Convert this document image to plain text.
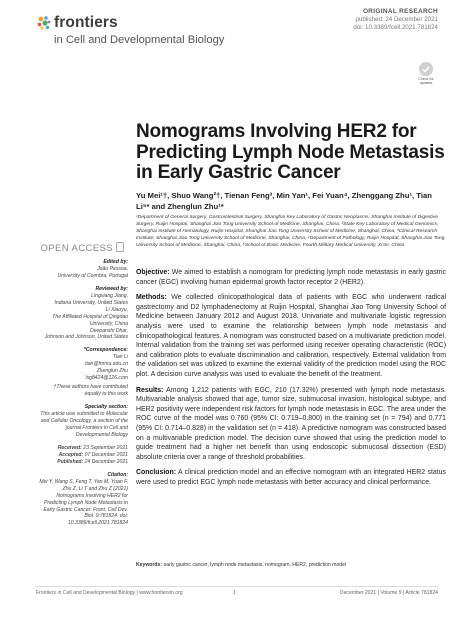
frontiers
in Cell and Developmental Biology
ORIGINAL RESEARCH
published: 24 December 2021
doi: 10.3389/fcell.2021.781824
Check for updates
Nomograms Involving HER2 for Predicting Lymph Node Metastasis in Early Gastric Cancer
Yu Mei¹†, Shuo Wang²†, Tienan Feng³, Min Yan¹, Fei Yuan⁴, Zhenggang Zhu¹, Tian Li⁵* and Zhenglun Zhu¹*
¹Department of General Surgery, Gastrointestinal Surgery, Shanghai Key Laboratory of Gastric Neoplasms, Shanghai Institute of Digestive Surgery, Ruijin Hospital, Shanghai Jiao Tong University School of Medicine, Shanghai, China, ²State Key Laboratory of Medical Genomics, Shanghai Institute of Hematology, Ruijin Hospital, Shanghai Jiao Tong University School of Medicine, Shanghai, China, ³Clinical Research Institute, Shanghai Jiao Tong University School of Medicine, Shanghai, China, ⁴Department of Pathology, Ruijin Hospital, Shanghai Jiao Tong University School of Medicine, Shanghai, China, ⁵School of Basic Medicine, Fourth Military Medical University, Xi'an, China
OPEN ACCESS
Edited by:
João Pessoa,
University of Coimbra, Portugal
Reviewed by:
Lingxiang Jiang,
Indiana University, United States
Li Xiaoyu,
The Affiliated Hospital of Qingdao
University, China
Deepanshi Dhar,
Johnson and Johnson, United States
*Correspondence:
Tian Li
tian@fmmu.edu.cn
Zhenglun Zhu
lsg8424@126.com
†These authors have contributed equally to this work
Specialty section:
This article was submitted to Molecular and Cellular Oncology, a section of the journal Frontiers in Cell and Developmental Biology
Received: 23 September 2021
Accepted: 07 December 2021
Published: 24 December 2021
Citation:
Mei Y, Wang S, Feng T, Yan M, Yuan F, Zhu Z, Li T and Zhu Z (2021) Nomograms Involving HER2 for Predicting Lymph Node Metastasis in Early Gastric Cancer. Front. Cell Dev. Biol. 9:781824. doi: 10.3389/fcell.2021.781824

Objective: We aimed to establish a nomogram for predicting lymph node metastasis in early gastric cancer (EGC) involving human epidermal growth factor receptor 2 (HER2).

Methods: We collected clinicopathological data of patients with EGC who underwent radical gastrectomy and D2 lymphadenectomy at Ruijin Hospital, Shanghai Jiao Tong University School of Medicine between January 2012 and August 2018. Univariate and multivariate logistic regression analysis were used to examine the relationship between lymph node metastasis and clinicopathological features. A nomogram was constructed based on a multivariate prediction model. Internal validation from the training set was performed using receiver operating characteristic (ROC) and calibration plots to evaluate discrimination and calibration, respectively. External validation from the validation set was utilized to examine the external validity of the prediction model using the ROC plot. A decision curve analysis was used to evaluate the benefit of the treatment.

Results: Among 1,212 patients with EGC, 210 (17.32%) presented with lymph node metastasis. Multivariable analysis showed that age, tumor size, submucosal invasion, histological subtype, and HER2 positivity were independent risk factors for lymph node metastasis in EGC. The area under the ROC curve of the model was 0.760 (95% CI: 0.719–0.800) in the training set (n = 794) and 0.771 (95% CI: 0.714–0.828) in the validation set (n = 418). A predictive nomogram was constructed based on a multivariable prediction model. The decision curve showed that using the prediction model to guide treatment had a higher net benefit than using endoscopic submucosal dissection (ESD) absolute criteria over a range of threshold probabilities.

Conclusion: A clinical prediction model and an effective nomogram with an integrated HER2 status were used to predict EGC lymph node metastasis with better accuracy and clinical performance.

Keywords: early gastric cancer, lymph node metastasis, nomogram, HER2, prediction model
Frontiers in Cell and Developmental Biology | www.frontiersin.org	1	December 2021 | Volume 9 | Article 781824
